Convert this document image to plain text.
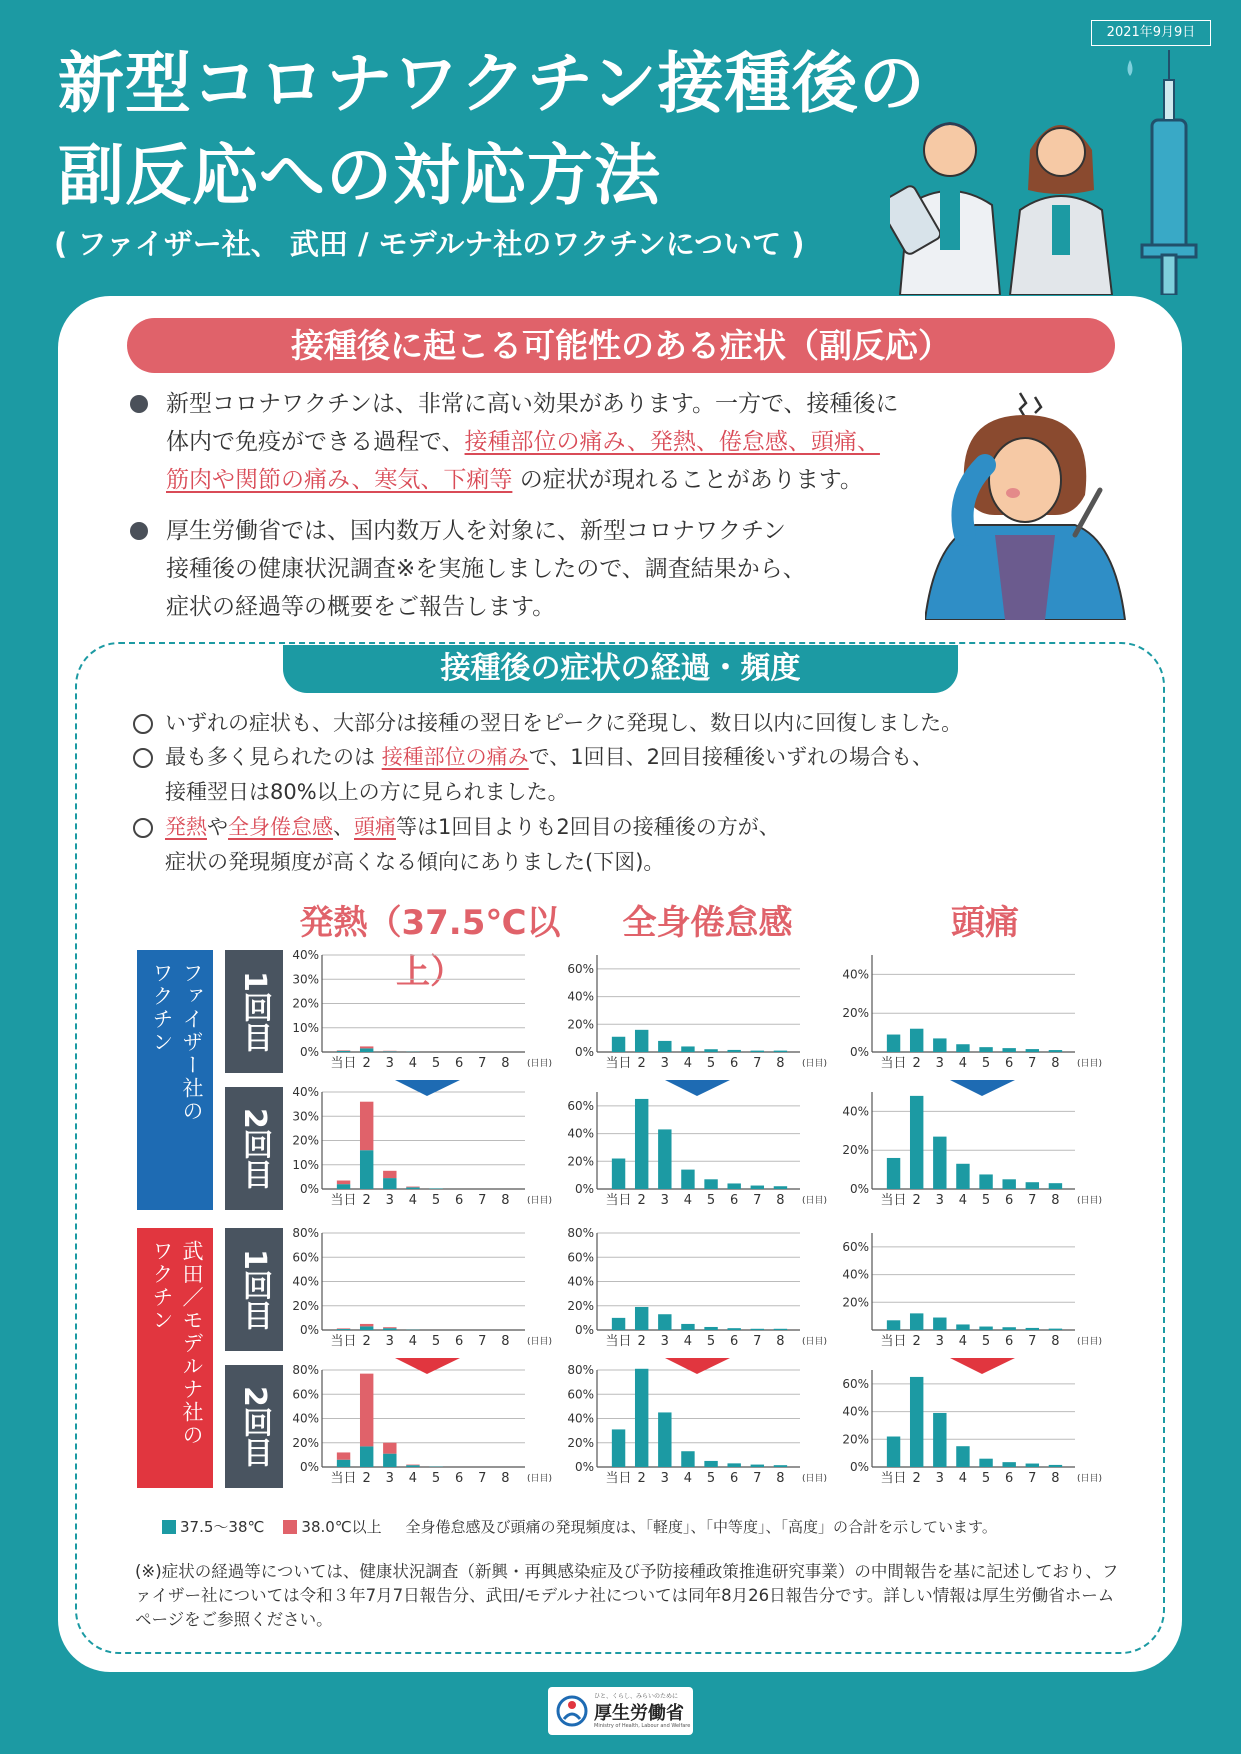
2021年9月9日
新型コロナワクチン接種後の
副反応への対応方法
( ファイザー社、 武田 / モデルナ社のワクチンについて )
接種後に起こる可能性のある症状（副反応）
新型コロナワクチンは、非常に高い効果があります。一方で、接種後に
体内で免疫ができる過程で、接種部位の痛み、発熱、倦怠感、頭痛、
筋肉や関節の痛み、寒気、下痢等 の症状が現れることがあります。
厚生労働省では、国内数万人を対象に、新型コロナワクチン
接種後の健康状況調査※を実施しましたので、調査結果から、
症状の経過等の概要をご報告します。
接種後の症状の経過・頻度
いずれの症状も、大部分は接種の翌日をピークに発現し、数日以内に回復しました。
最も多く見られたのは 接種部位の痛みで、1回目、2回目接種後いずれの場合も、
接種翌日は80%以上の方に見られました。
発熱や全身倦怠感、頭痛等は1回目よりも2回目の接種後の方が、
症状の発現頻度が高くなる傾向にありました(下図)。
発熱（37.5℃以上）
全身倦怠感	頭痛
ファイザー社の
ワクチン
武田／モデルナ社の
ワクチン
1回目
2回目
1回目
2回目
0%
10%
20%
30%
40%
当日 2 3 4 5 6 7 8 (日目)
0%
20%
40%
60%
当日 2 3 4 5 6 7 8 (日目)
0%
20%
40%
当日 2 3 4 5 6 7 8 (日目)
0%
10%
20%
30%
40%
当日 2 3 4 5 6 7 8 (日目)
0%
20%
40%
60%
当日 2 3 4 5 6 7 8 (日目)
0%
20%
40%
当日 2 3 4 5 6 7 8 (日目)
0%
20%
40%
60%
80%
当日 2 3 4 5 6 7 8 (日目)
0%
20%
40%
60%
80%
当日 2 3 4 5 6 7 8 (日目)
20%
40%
60%
当日 2 3 4 5 6 7 8 (日目)
0%
20%
40%
60%
80%
当日 2 3 4 5 6 7 8 (日目)
0%
20%
40%
60%
80%
当日 2 3 4 5 6 7 8 (日目)
0%
20%
40%
60%
当日 2 3 4 5 6 7 8 (日目)
37.5〜38℃ 38.0℃以上 全身倦怠感及び頭痛の発現頻度は、「軽度」、「中等度」、「高度」の合計を示しています。
(※)症状の経過等については、健康状況調査（新興・再興感染症及び予防接種政策推進研究事業）の中間報告を基に記述しており、ファイザー社については令和３年7月7日報告分、武田/モデルナ社については同年8月26日報告分です。詳しい情報は厚生労働省ホームページをご参照ください。
ひと、くらし、みらいのために
厚生労働省
Ministry of Health, Labour and Welfare
